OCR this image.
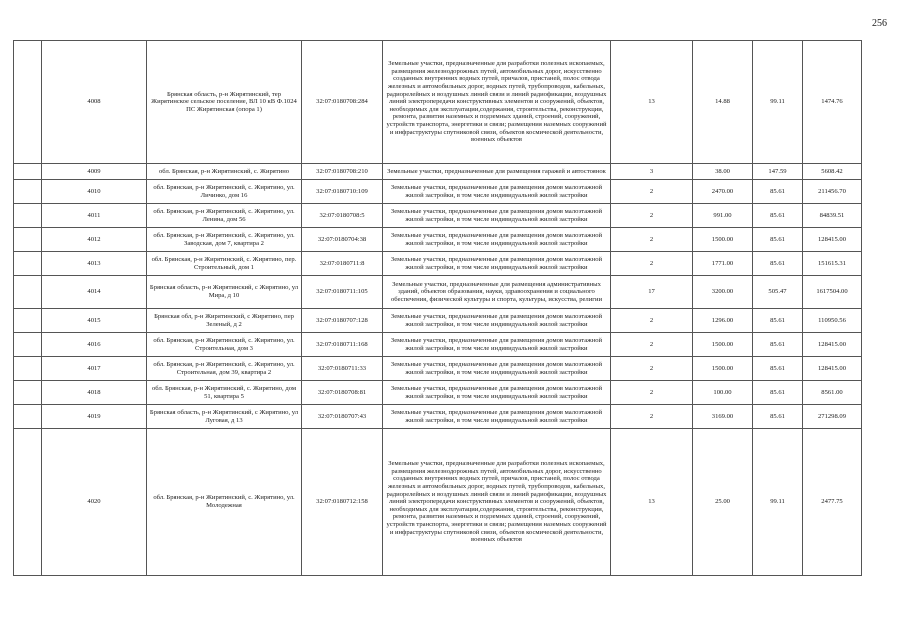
256
	4008	Брянская область, р-н Жирятинский, тер Жирятинское сельское поселение, ВЛ 10 кВ Ф.1024 ПС Жирятинская (опора 1)	32:07:0180708:284	Земельные участки, предназначенные для разработки полезных ископаемых, размещения железнодорожных путей, автомобильных дорог, искусственно созданных внутренних водных путей, причалов, пристаней, полос отвода железных и автомобильных дорог, водных путей, трубопроводов, кабельных, радиорелейных и воздушных линий связи и линий радиофикации, воздушных линий электропередачи конструктивных элементов и сооружений, объектов, необходимых для эксплуатации,содержания, строительства, реконструкции, ремонта, развития наземных и подземных зданий, строений, сооружений, устройств транспорта, энергетики и связи; размещения наземных сооружений и инфраструктуры спутниковой связи, объектов космической деятельности, военных объектов	13	14.88	99.11	1474.76
	4009	обл. Брянская, р-н Жирятинский, с. Жирятино	32:07:0180708:210	Земельные участки, предназначенные для размещения гаражей и автостоянок	3	38.00	147.59	5608.42
	4010	обл. Брянская, р-н Жирятинский, с. Жирятино, ул. Личинко, дом 16	32:07:0180710:109	Земельные участки, предназначенные для размещения домов малоэтажной жилой застройки, в том числе индивидуальной жилой застройки	2	2470.00	85.61	211456.70
	4011	обл. Брянская, р-н Жирятинский, с. Жирятино, ул. Ленина, дом 56	32:07:0180708:5	Земельные участки, предназначенные для размещения домов малоэтажной жилой застройки, в том числе индивидуальной жилой застройки	2	991.00	85.61	84839.51
	4012	обл. Брянская, р-н Жирятинский, с. Жирятино, ул. Заводская, дом 7, квартира 2	32:07:0180704:38	Земельные участки, предназначенные для размещения домов малоэтажной жилой застройки, в том числе индивидуальной жилой застройки	2	1500.00	85.61	128415.00
	4013	обл. Брянская, р-н Жирятинский, с. Жирятино, пер. Строительный, дом 1	32:07:0180711:8	Земельные участки, предназначенные для размещения домов малоэтажной жилой застройки, в том числе индивидуальной жилой застройки	2	1771.00	85.61	151615.31
	4014	Брянская область, р-н Жирятинский, с Жирятино, ул Мира, д 10	32:07:0180711:105	Земельные участки, предназначенные для размещения административных зданий, объектов образования, науки, здравоохранения и социального обеспечения, физической культуры и спорта, культуры, искусства, религии	17	3200.00	505.47	1617504.00
	4015	Брянская обл, р-н Жирятинский, с Жирятино, пер Зеленый, д 2	32:07:0180707:128	Земельные участки, предназначенные для размещения домов малоэтажной жилой застройки, в том числе индивидуальной жилой застройки	2	1296.00	85.61	110950.56
	4016	обл. Брянская, р-н Жирятинский, с. Жирятино, ул. Строительная, дом 3	32:07:0180711:168	Земельные участки, предназначенные для размещения домов малоэтажной жилой застройки, в том числе индивидуальной жилой застройки	2	1500.00	85.61	128415.00
	4017	обл. Брянская, р-н Жирятинский, с. Жирятино, ул. Строительная, дом 39, квартира 2	32:07:0180711:33	Земельные участки, предназначенные для размещения домов малоэтажной жилой застройки, в том числе индивидуальной жилой застройки	2	1500.00	85.61	128415.00
	4018	обл. Брянская, р-н Жирятинский, с. Жирятино, дом 51, квартира 5	32:07:0180708:81	Земельные участки, предназначенные для размещения домов малоэтажной жилой застройки, в том числе индивидуальной жилой застройки	2	100.00	85.61	8561.00
	4019	Брянская область, р-н Жирятинский, с Жирятино, ул Луговая, д 13	32:07:0180707:43	Земельные участки, предназначенные для размещения домов малоэтажной жилой застройки, в том числе индивидуальной жилой застройки	2	3169.00	85.61	271298.09
	4020	обл. Брянская, р-н Жирятинский, с. Жирятино, ул. Молодежная	32:07:0180712:158	Земельные участки, предназначенные для разработки полезных ископаемых, размещения железнодорожных путей, автомобильных дорог, искусственно созданных внутренних водных путей, причалов, пристаней, полос отвода железных и автомобильных дорог, водных путей, трубопроводов, кабельных, радиорелейных и воздушных линий связи и линий радиофикации, воздушных линий электропередачи конструктивных элементов и сооружений, объектов, необходимых для эксплуатации,содержания, строительства, реконструкции, ремонта, развития наземных и подземных зданий, строений, сооружений, устройств транспорта, энергетики и связи; размещения наземных сооружений и инфраструктуры спутниковой связи, объектов космической деятельности, военных объектов	13	25.00	99.11	2477.75
